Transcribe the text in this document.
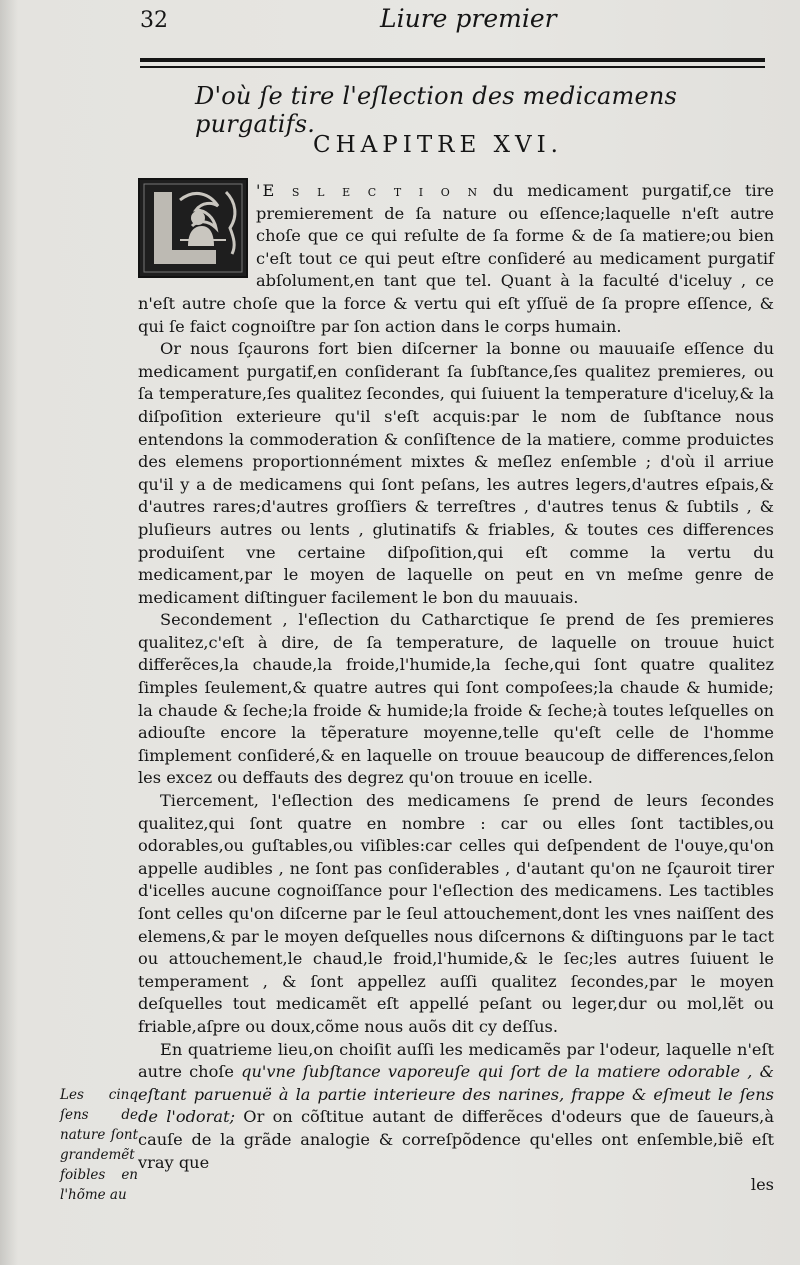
32	Liure premier
D'où ſe tire l'eſlection des medicamens purgatifs.
CHAPITRE XVI.

'E s l e c t i o n du medicament purgatif,ce tire premierement de ſa nature ou eſſence;laquelle n'eſt autre choſe que ce qui reſulte de ſa forme & de ſa matiere;ou bien c'eſt tout ce qui peut eſtre conſideré au medicament purgatif abſolument,en tant que tel. Quant à la faculté d'iceluy , ce n'eſt autre choſe que la force & vertu qui eſt yſſuë de ſa propre eſſence, & qui ſe faict cognoiſtre par ſon action dans le corps humain.

Or nous ſçaurons fort bien diſcerner la bonne ou mauuaiſe eſſence du medicament purgatif,en conſiderant ſa ſubſtance,ſes qualitez premieres, ou ſa temperature,ſes qualitez ſecondes, qui ſuiuent la temperature d'iceluy,& la diſpoſition exterieure qu'il s'eſt acquis:par le nom de ſubſtance nous entendons la commoderation & conſiſtence de la matiere, comme produictes des elemens proportionnément mixtes & meſlez enſemble ; d'où il arriue qu'il y a de medicamens qui ſont peſans, les autres legers,d'autres eſpais,& d'autres rares;d'autres groſſiers & terreſtres , d'autres tenus & ſubtils , & pluſieurs autres ou lents , glutinatifs & friables, & toutes ces differences produiſent vne certaine diſpoſition,qui eſt comme la vertu du medicament,par le moyen de laquelle on peut en vn meſme genre de medicament diſtinguer facilement le bon du mauuais.

Secondement , l'eſlection du Catharctique ſe prend de ſes premieres qualitez,c'eſt à dire, de ſa temperature, de laquelle on trouue huict differẽces,la chaude,la froide,l'humide,la ſeche,qui ſont quatre qualitez ſimples ſeulement,& quatre autres qui ſont compoſees;la chaude & humide; la chaude & ſeche;la froide & humide;la froide & ſeche;à toutes leſquelles on adiouſte encore la tẽperature moyenne,telle qu'eſt celle de l'homme ſimplement conſideré,& en laquelle on trouue beaucoup de differences,ſelon les excez ou deffauts des degrez qu'on trouue en icelle.

Tiercement, l'eſlection des medicamens ſe prend de leurs ſecondes qualitez,qui ſont quatre en nombre : car ou elles ſont tactibles,ou odorables,ou guſtables,ou viſibles:car celles qui deſpendent de l'ouye,qu'on appelle audibles , ne ſont pas conſiderables , d'autant qu'on ne ſçauroit tirer d'icelles aucune cognoiſſance pour l'eſlection des medicamens. Les tactibles ſont celles qu'on diſcerne par le ſeul attouchement,dont les vnes naiſſent des elemens,& par le moyen deſquelles nous diſcernons & diſtinguons par le tact ou attouchement,le chaud,le froid,l'humide,& le ſec;les autres ſuiuent le temperament , & ſont appellez auſſi qualitez ſecondes,par le moyen deſquelles tout medicamẽt eſt appellé peſant ou leger,dur ou mol,lẽt ou friable,aſpre ou doux,cõme nous auõs dit cy deſſus.

En quatrieme lieu,on choiſit auſſi les medicamẽs par l'odeur, laquelle n'eſt autre choſe qu'vne ſubſtance vaporeuſe qui ſort de la matiere odorable , & eſtant paruenuë à la partie interieure des narines, frappe & eſmeut le ſens de l'odorat; Or on cõſtitue autant de differẽces d'odeurs que de ſaueurs,à cauſe de la grãde analogie & correſpõdence qu'elles ont enſemble,biẽ eſt vray que

les
Les cinq ſens de nature ſont grandemẽt foibles en l'hõme au
